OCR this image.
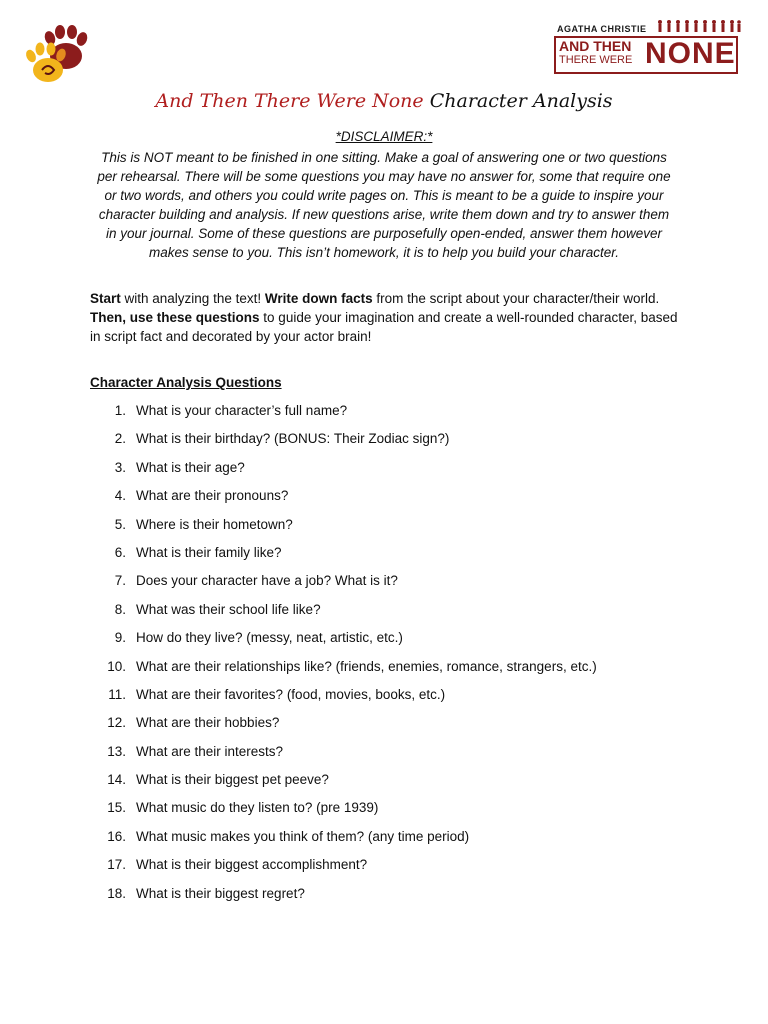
AGATHA CHRISTIE
AND THEN
THERE WERE NONE
And Then There Were None Character Analysis
*DISCLAIMER:*
This is NOT meant to be finished in one sitting. Make a goal of answering one or two questions
per rehearsal. There will be some questions you may have no answer for, some that require one
or two words, and others you could write pages on. This is meant to be a guide to inspire your
character building and analysis. If new questions arise, write them down and try to answer them
in your journal. Some of these questions are purposefully open-ended, answer them however
makes sense to you. This isn’t homework, it is to help you build your character.

Start with analyzing the text! Write down facts from the script about your character/their world. Then, use these questions to guide your imagination and create a well-rounded character, based in script fact and decorated by your actor brain!

Character Analysis Questions
1. What is your character’s full name?
2. What is their birthday? (BONUS: Their Zodiac sign?)
3. What is their age?
4. What are their pronouns?
5. Where is their hometown?
6. What is their family like?
7. Does your character have a job? What is it?
8. What was their school life like?
9. How do they live? (messy, neat, artistic, etc.)
10. What are their relationships like? (friends, enemies, romance, strangers, etc.)
11. What are their favorites? (food, movies, books, etc.)
12. What are their hobbies?
13. What are their interests?
14. What is their biggest pet peeve?
15. What music do they listen to? (pre 1939)
16. What music makes you think of them? (any time period)
17. What is their biggest accomplishment?
18. What is their biggest regret?
